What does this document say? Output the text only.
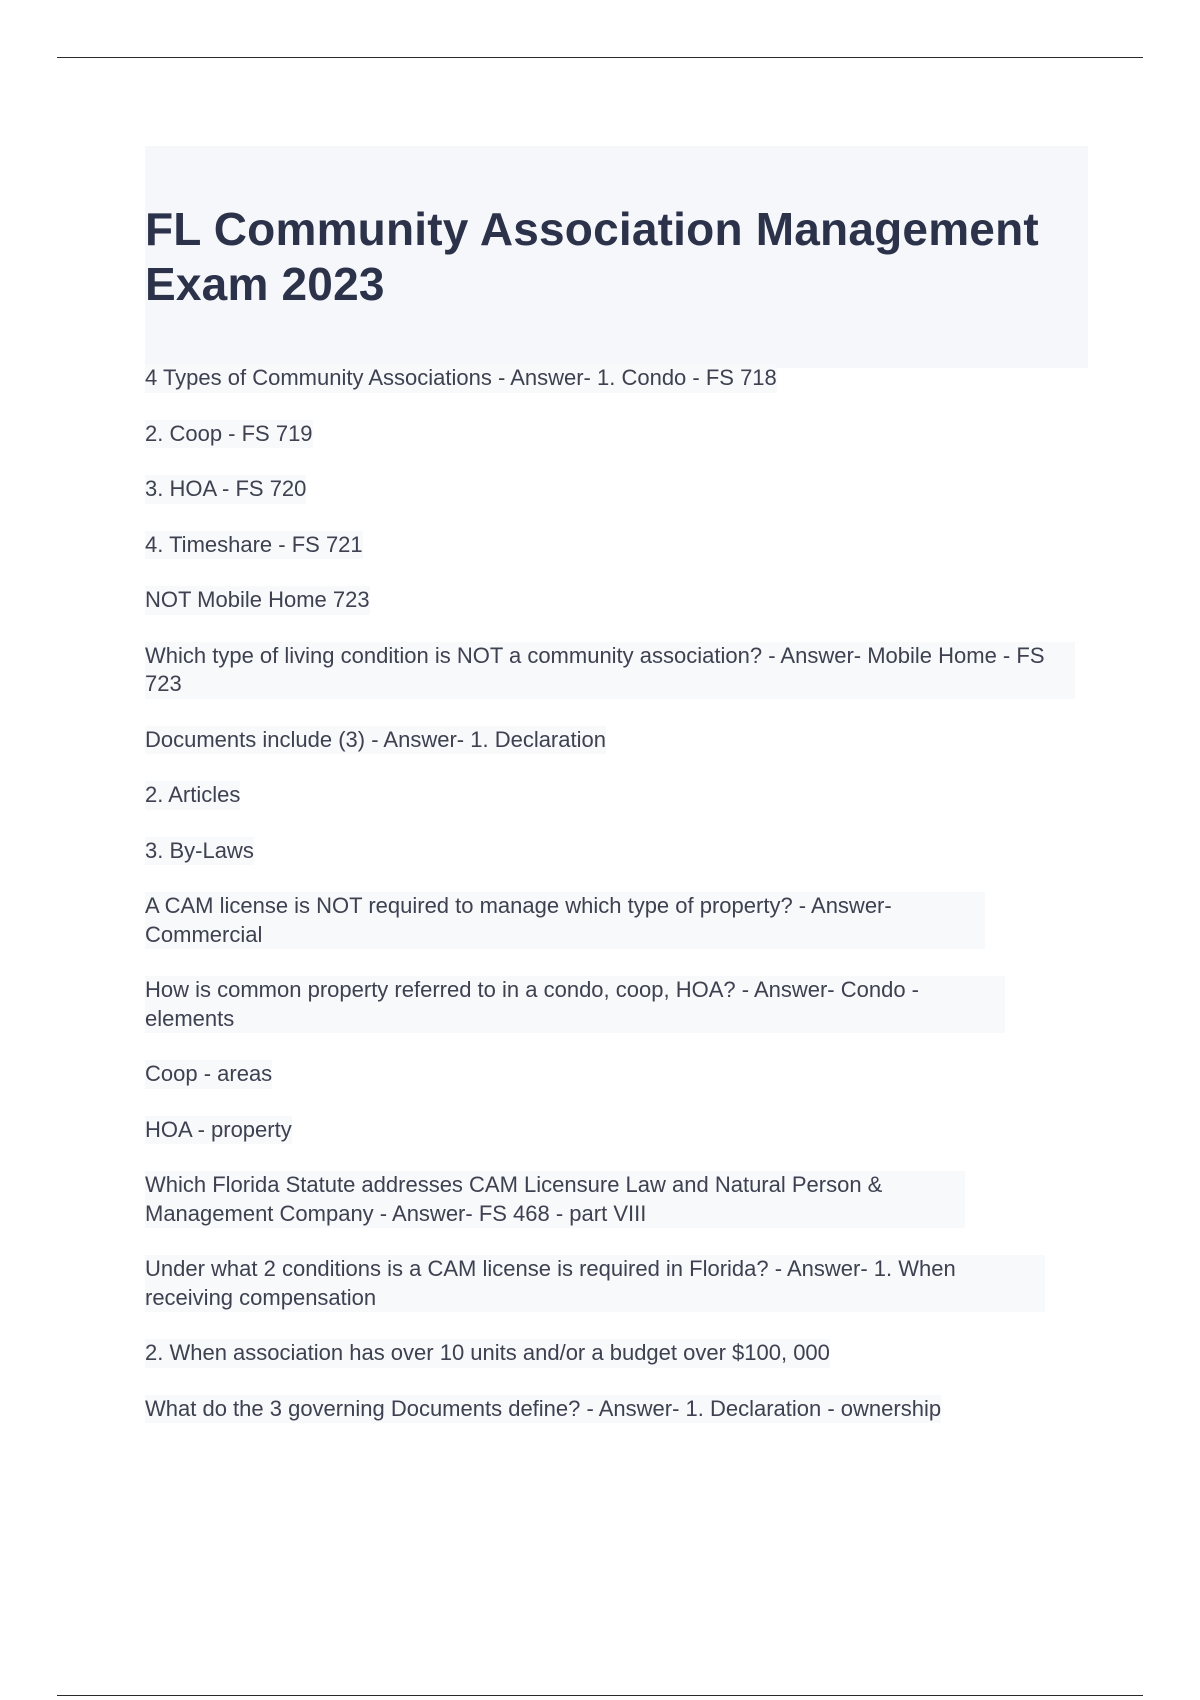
FL Community Association Management Exam 2023
4 Types of Community Associations - Answer- 1. Condo - FS 718
2. Coop - FS 719
3. HOA - FS 720
4. Timeshare - FS 721
NOT Mobile Home 723
Which type of living condition is NOT a community association? - Answer- Mobile Home - FS 723
Documents include (3) - Answer- 1. Declaration
2. Articles
3. By-Laws
A CAM license is NOT required to manage which type of property? - Answer- Commercial
How is common property referred to in a condo, coop, HOA? - Answer- Condo - elements
Coop - areas
HOA - property
Which Florida Statute addresses CAM Licensure Law and Natural Person & Management Company - Answer- FS 468 - part VIII
Under what 2 conditions is a CAM license is required in Florida? - Answer- 1. When receiving compensation
2. When association has over 10 units and/or a budget over $100, 000
What do the 3 governing Documents define? - Answer- 1. Declaration - ownership
